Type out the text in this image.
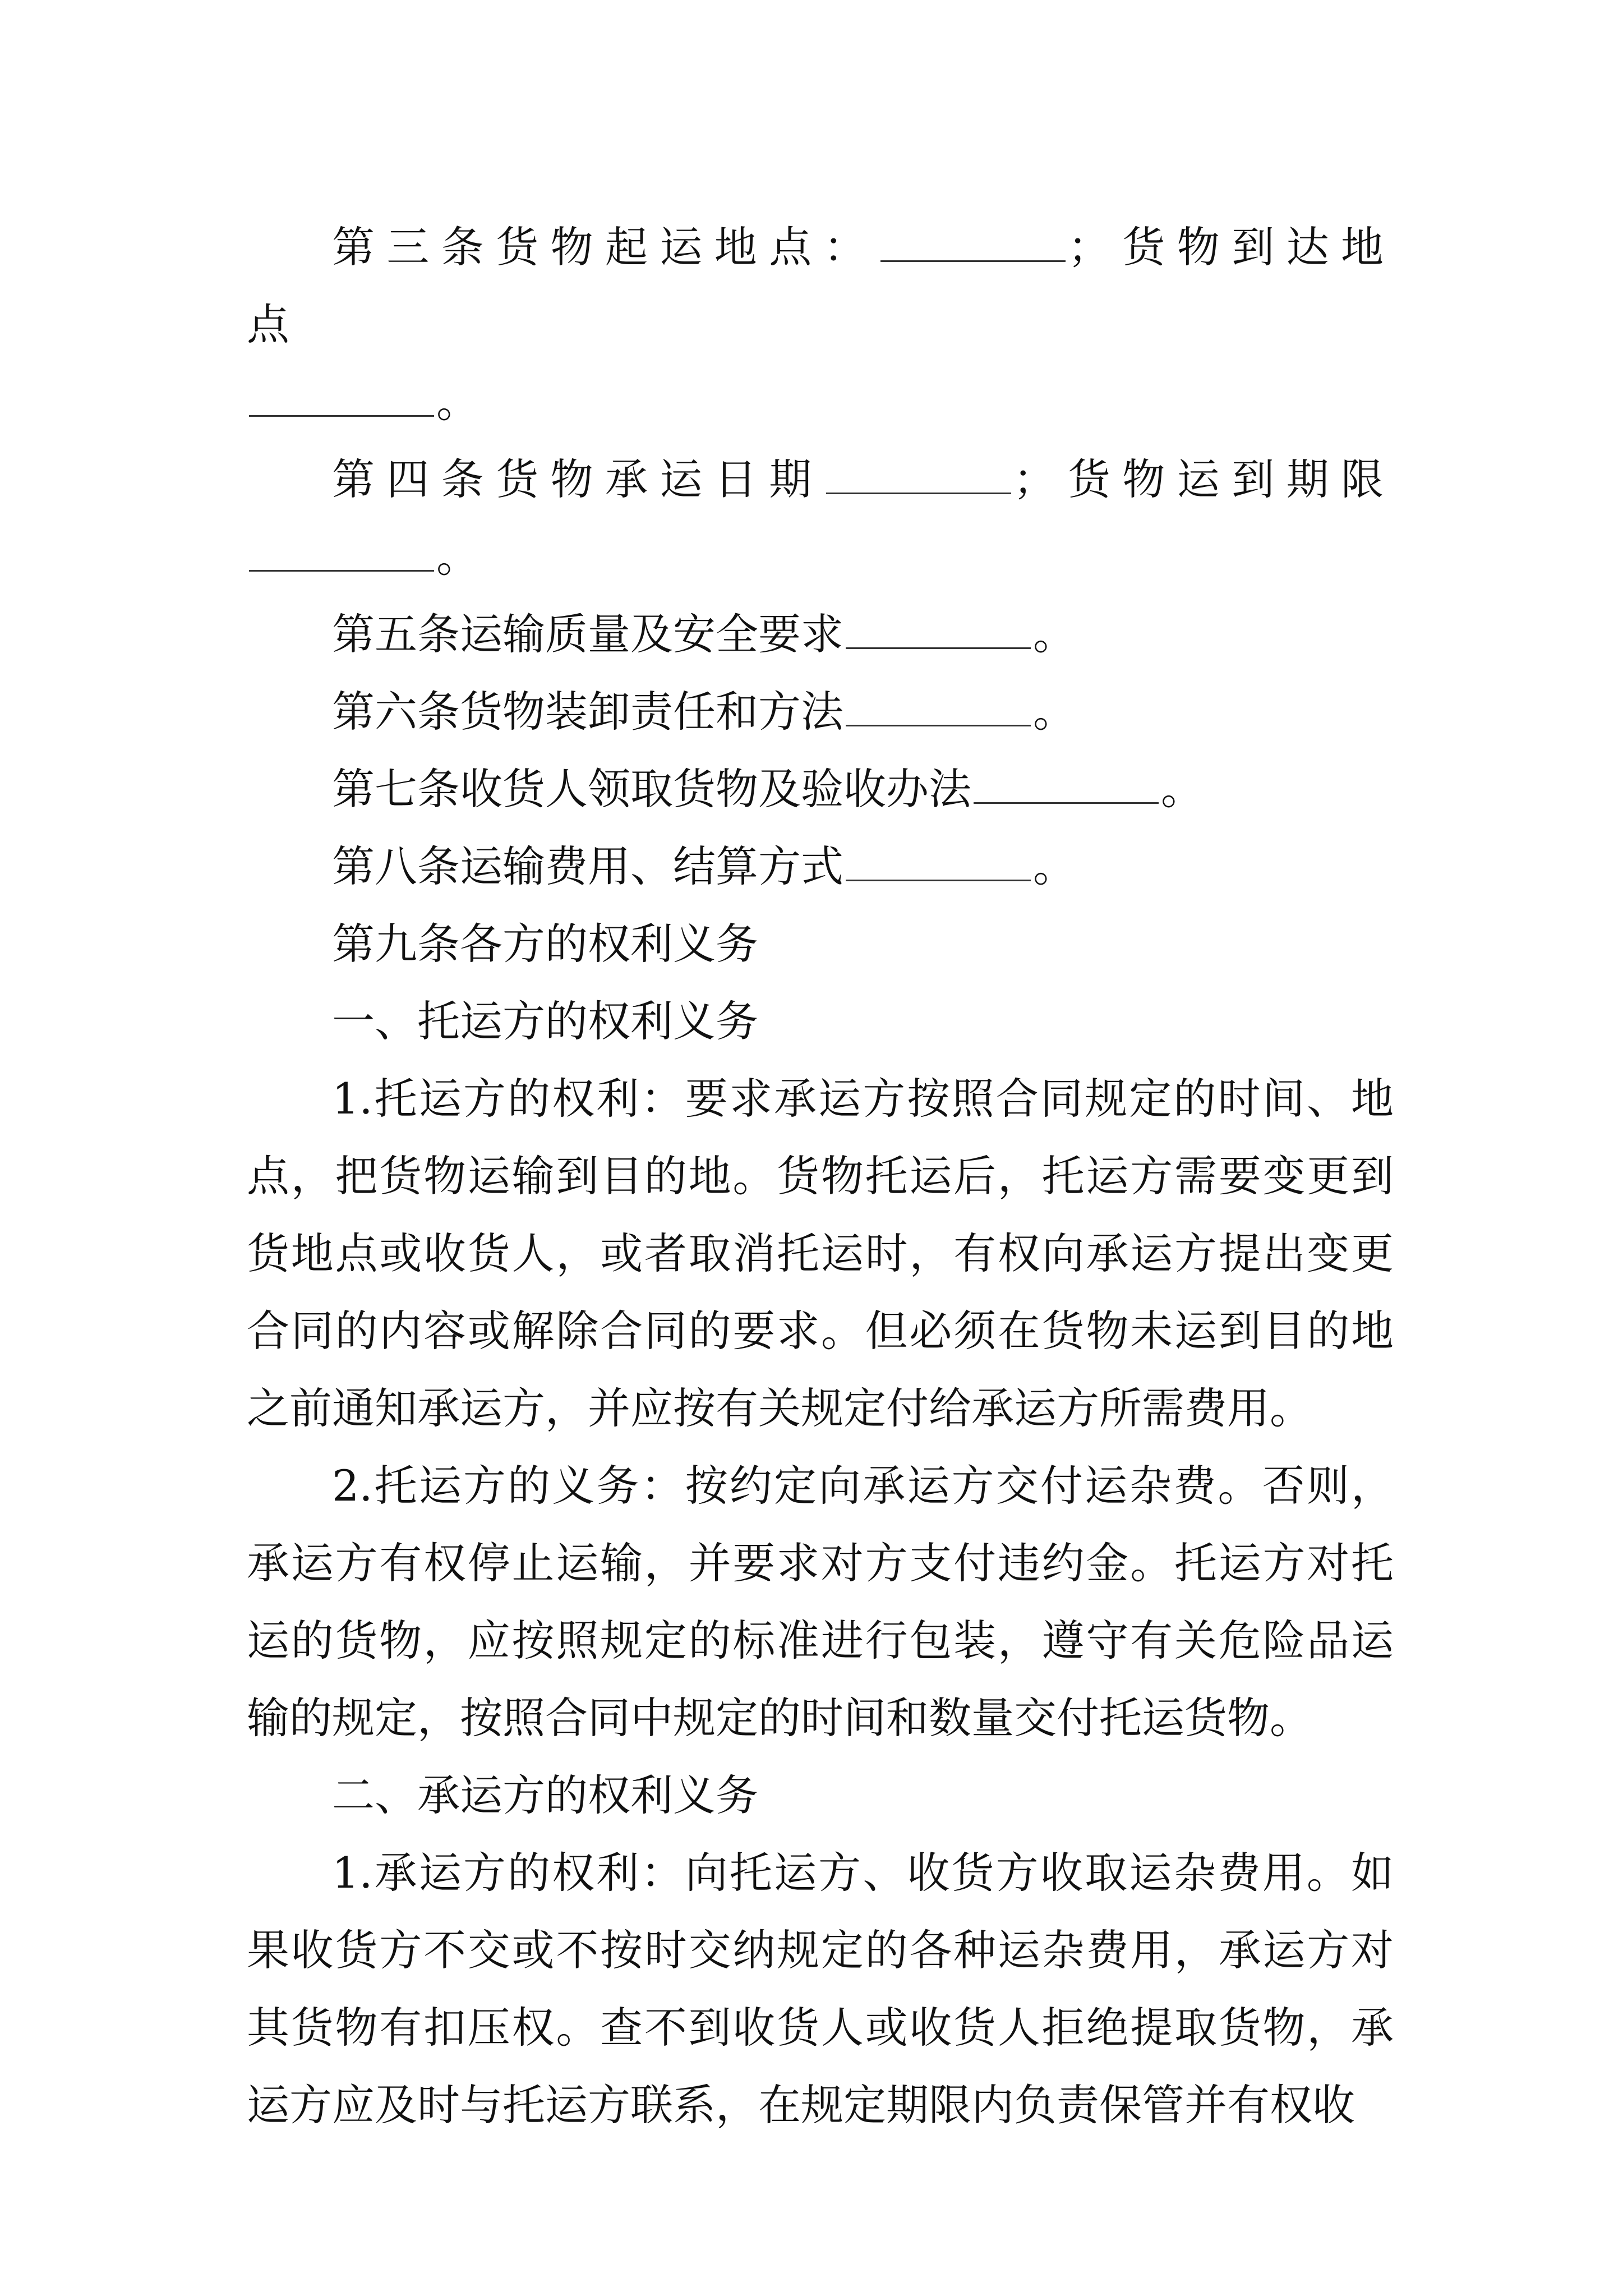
第三条货物起运地点：	；货物到达地点

。

第四条货物承运日期	；货物运到期限

。

第五条运输质量及安全要求	。

第六条货物装卸责任和方法	。

第七条收货人领取货物及验收办法	。

第八条运输费用、结算方式	。

第九条各方的权利义务

一、托运方的权利义务

1.托运方的权利：要求承运方按照合同规定的时间、地点，把货物运输到目的地。货物托运后，托运方需要变更到货地点或收货人，或者取消托运时，有权向承运方提出变更合同的内容或解除合同的要求。但必须在货物未运到目的地之前通知承运方，并应按有关规定付给承运方所需费用。

2.托运方的义务：按约定向承运方交付运杂费。否则，承运方有权停止运输，并要求对方支付违约金。托运方对托运的货物，应按照规定的标准进行包装，遵守有关危险品运输的规定，按照合同中规定的时间和数量交付托运货物。

二、承运方的权利义务

1.承运方的权利：向托运方、收货方收取运杂费用。如果收货方不交或不按时交纳规定的各种运杂费用，承运方对其货物有扣压权。查不到收货人或收货人拒绝提取货物，承运方应及时与托运方联系，在规定期限内负责保管并有权收
